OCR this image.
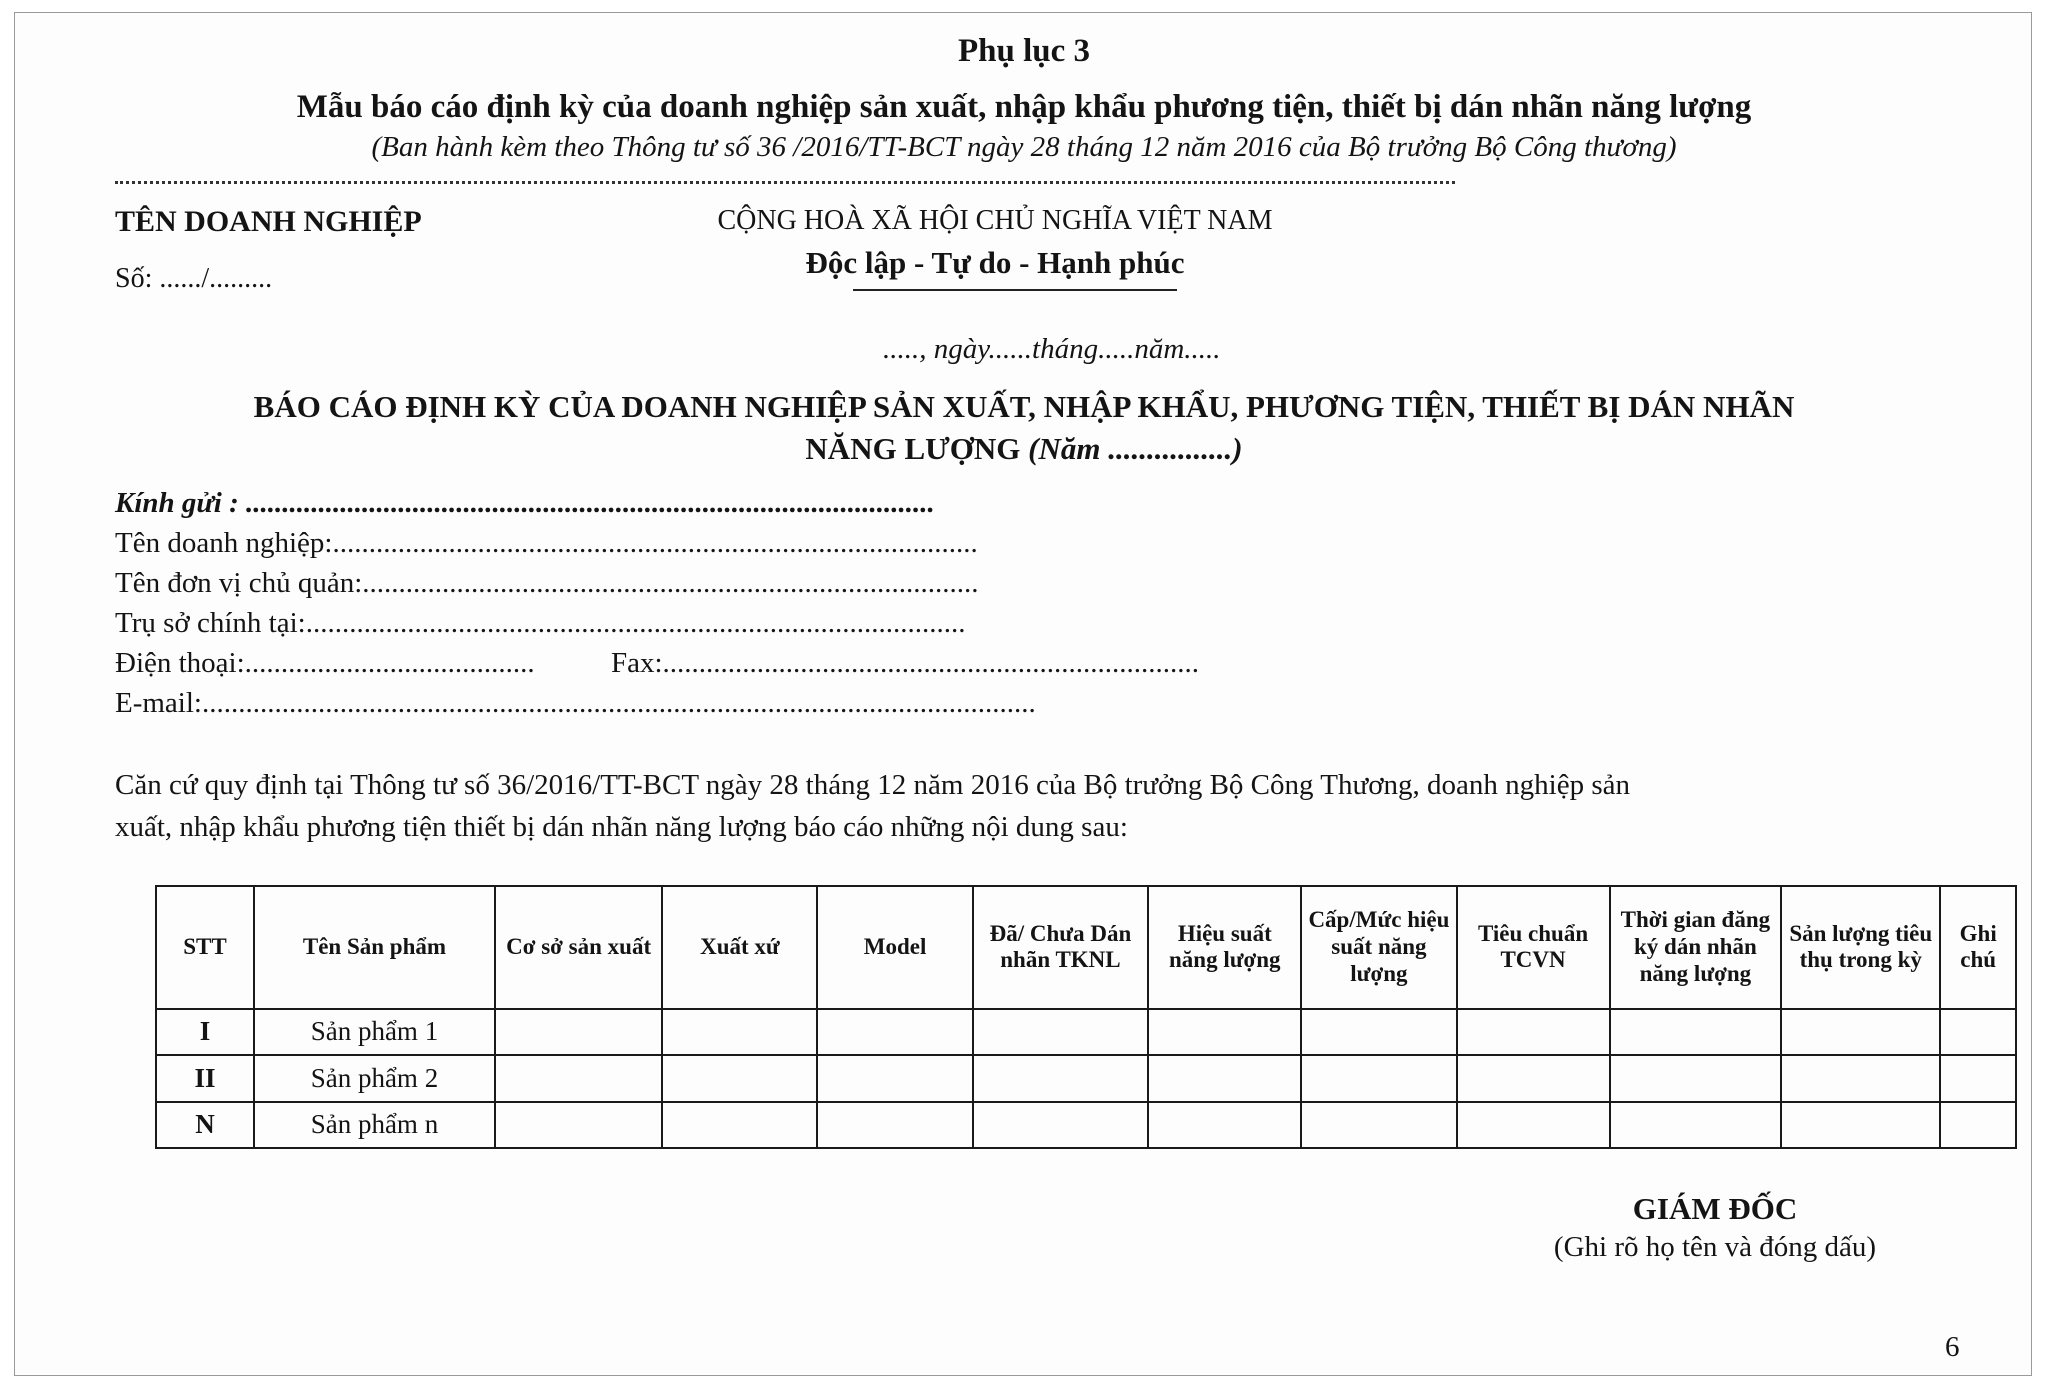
Phụ lục 3
Mẫu báo cáo định kỳ của doanh nghiệp sản xuất, nhập khẩu phương tiện, thiết bị dán nhãn năng lượng
(Ban hành kèm theo Thông tư số 36 /2016/TT-BCT ngày 28 tháng 12 năm 2016 của Bộ trưởng Bộ Công thương)
TÊN DOANH NGHIỆP
Số: ....../.........
CỘNG HOÀ XÃ HỘI CHỦ NGHĨA VIỆT NAM
Độc lập - Tự do - Hạnh phúc
....., ngày......tháng.....năm.....
BÁO CÁO ĐỊNH KỲ CỦA DOANH NGHIỆP SẢN XUẤT, NHẬP KHẨU, PHƯƠNG TIỆN, THIẾT BỊ DÁN NHÃN
NĂNG LƯỢNG (Năm ................)
Kính gửi : ...............................................................................................
Tên doanh nghiệp:.........................................................................................
Tên đơn vị chủ quản:.....................................................................................
Trụ sở chính tại:...........................................................................................
Điện thoại:........................................	Fax:..........................................................................
E-mail:...................................................................................................................
Căn cứ quy định tại Thông tư số 36/2016/TT-BCT ngày 28 tháng 12 năm 2016 của Bộ trưởng Bộ Công Thương, doanh nghiệp sản
xuất, nhập khẩu phương tiện thiết bị dán nhãn năng lượng báo cáo những nội dung sau:
STT	Tên Sản phẩm	Cơ sở sản xuất	Xuất xứ	Model	Đã/ Chưa Dán nhãn TKNL	Hiệu suất năng lượng	Cấp/Mức hiệu suất năng lượng	Tiêu chuẩn TCVN	Thời gian đăng ký dán nhãn năng lượng	Sản lượng tiêu thụ trong kỳ	Ghi chú
I	Sản phẩm 1										
II	Sản phẩm 2										
N	Sản phẩm n										
GIÁM ĐỐC
(Ghi rõ họ tên và đóng dấu)
6
